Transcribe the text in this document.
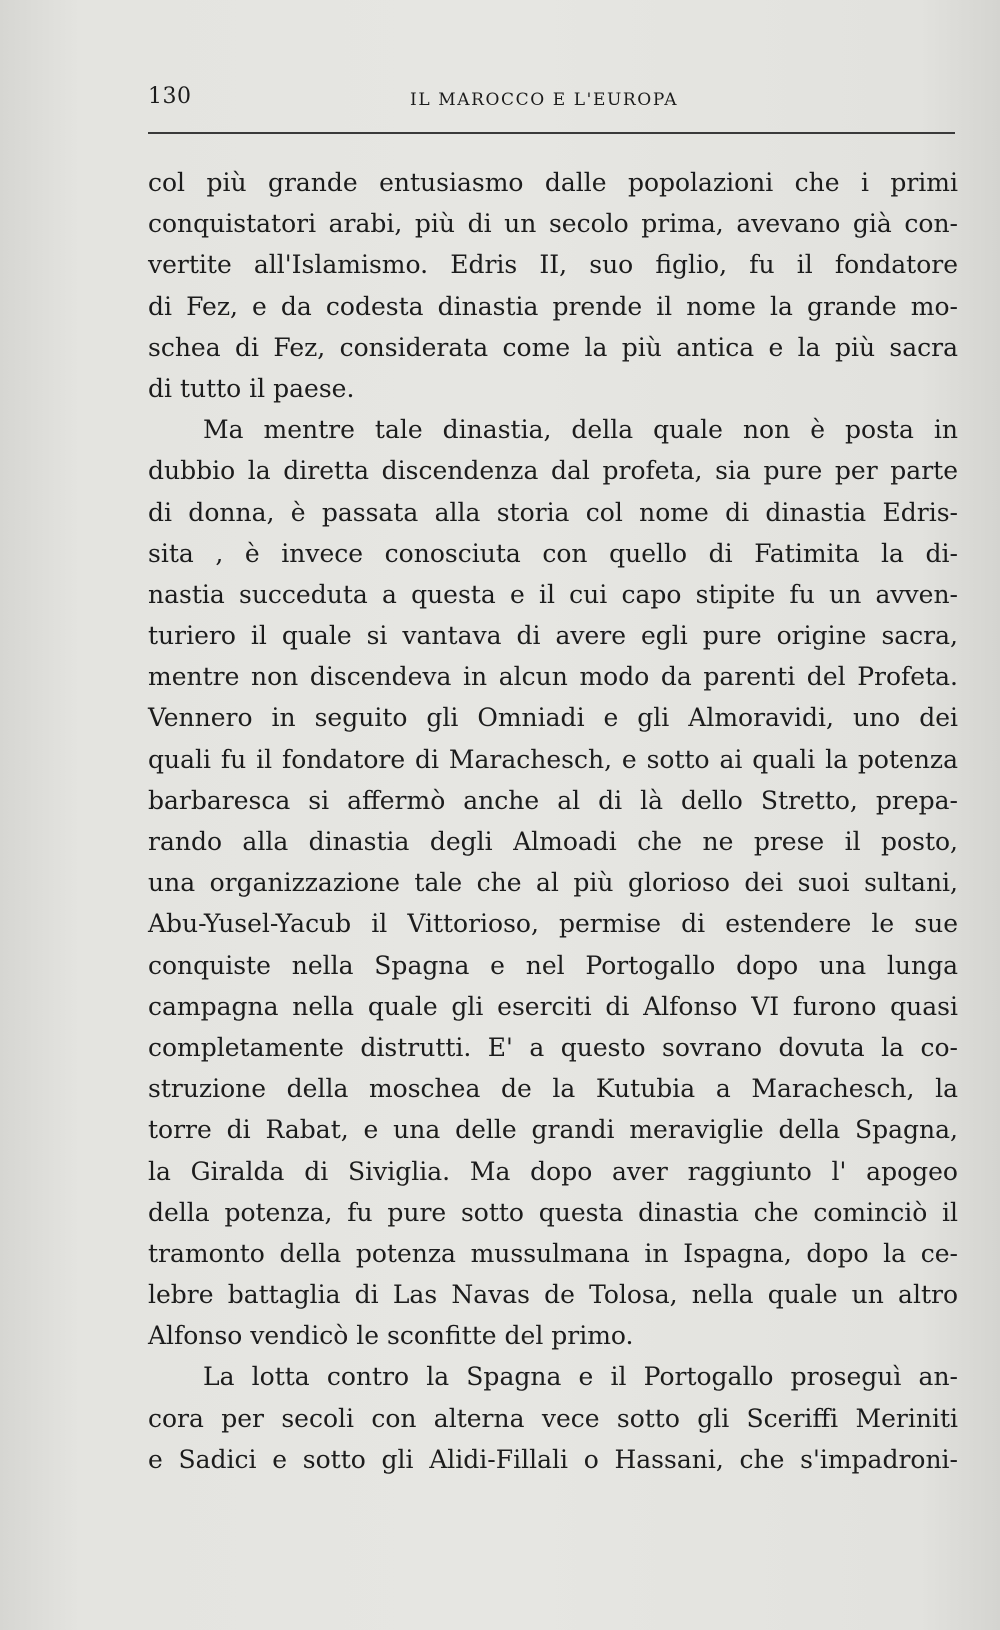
130	IL MAROCCO E L'EUROPA
col più grande entusiasmo dalle popolazioni che i primi
conquistatori arabi, più di un secolo prima, avevano già con-
vertite all'Islamismo. Edris II, suo figlio, fu il fondatore
di Fez, e da codesta dinastia prende il nome la grande mo-
schea di Fez, considerata come la più antica e la più sacra
di tutto il paese.
Ma mentre tale dinastia, della quale non è posta in
dubbio la diretta discendenza dal profeta, sia pure per parte
di donna, è passata alla storia col nome di dinastia Edris-
sita , è invece conosciuta con quello di Fatimita la di-
nastia succeduta a questa e il cui capo stipite fu un avven-
turiero il quale si vantava di avere egli pure origine sacra,
mentre non discendeva in alcun modo da parenti del Profeta.
Vennero in seguito gli Omniadi e gli Almoravidi, uno dei
quali fu il fondatore di Marachesch, e sotto ai quali la potenza
barbaresca si affermò anche al di là dello Stretto, prepa-
rando alla dinastia degli Almoadi che ne prese il posto,
una organizzazione tale che al più glorioso dei suoi sultani,
Abu-Yusel-Yacub il Vittorioso, permise di estendere le sue
conquiste nella Spagna e nel Portogallo dopo una lunga
campagna nella quale gli eserciti di Alfonso VI furono quasi
completamente distrutti. E' a questo sovrano dovuta la co-
struzione della moschea de la Kutubia a Marachesch, la
torre di Rabat, e una delle grandi meraviglie della Spagna,
la Giralda di Siviglia. Ma dopo aver raggiunto l' apogeo
della potenza, fu pure sotto questa dinastia che cominciò il
tramonto della potenza mussulmana in Ispagna, dopo la ce-
lebre battaglia di Las Navas de Tolosa, nella quale un altro
Alfonso vendicò le sconfitte del primo.
La lotta contro la Spagna e il Portogallo proseguì an-
cora per secoli con alterna vece sotto gli Sceriffi Meriniti
e Sadici e sotto gli Alidi-Fillali o Hassani, che s'impadroni-
